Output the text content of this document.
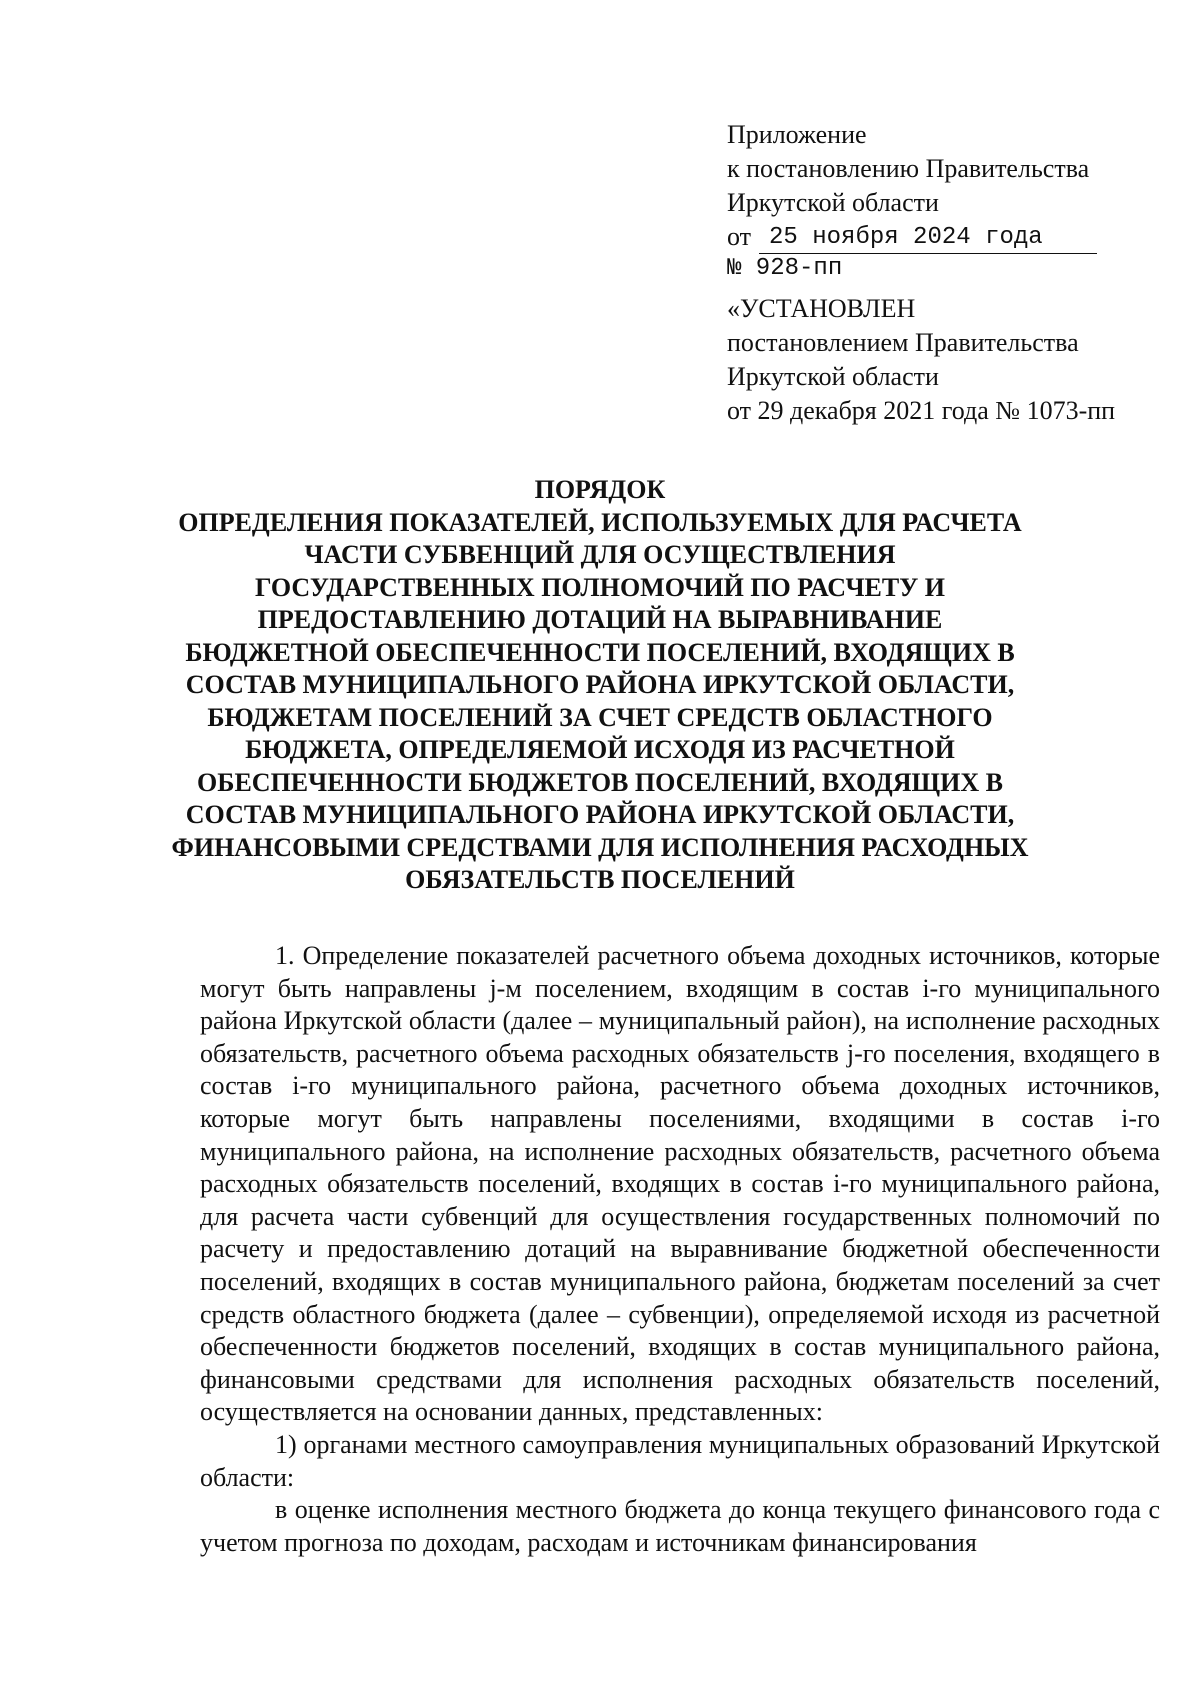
Приложение
к постановлению Правительства
Иркутской области
от 25 ноября 2024 года
№ 928-пп
«УСТАНОВЛЕН
постановлением Правительства
Иркутской области
от 29 декабря 2021 года № 1073-пп
ПОРЯДОК
ОПРЕДЕЛЕНИЯ ПОКАЗАТЕЛЕЙ, ИСПОЛЬЗУЕМЫХ ДЛЯ РАСЧЕТА
ЧАСТИ СУБВЕНЦИЙ ДЛЯ ОСУЩЕСТВЛЕНИЯ
ГОСУДАРСТВЕННЫХ ПОЛНОМОЧИЙ ПО РАСЧЕТУ И
ПРЕДОСТАВЛЕНИЮ ДОТАЦИЙ НА ВЫРАВНИВАНИЕ
БЮДЖЕТНОЙ ОБЕСПЕЧЕННОСТИ ПОСЕЛЕНИЙ, ВХОДЯЩИХ В
СОСТАВ МУНИЦИПАЛЬНОГО РАЙОНА ИРКУТСКОЙ ОБЛАСТИ,
БЮДЖЕТАМ ПОСЕЛЕНИЙ ЗА СЧЕТ СРЕДСТВ ОБЛАСТНОГО
БЮДЖЕТА, ОПРЕДЕЛЯЕМОЙ ИСХОДЯ ИЗ РАСЧЕТНОЙ
ОБЕСПЕЧЕННОСТИ БЮДЖЕТОВ ПОСЕЛЕНИЙ, ВХОДЯЩИХ В
СОСТАВ МУНИЦИПАЛЬНОГО РАЙОНА ИРКУТСКОЙ ОБЛАСТИ,
ФИНАНСОВЫМИ СРЕДСТВАМИ ДЛЯ ИСПОЛНЕНИЯ РАСХОДНЫХ
ОБЯЗАТЕЛЬСТВ ПОСЕЛЕНИЙ

1. Определение показателей расчетного объема доходных источников, которые могут быть направлены j-м поселением, входящим в состав i-го муниципального района Иркутской области (далее – муниципальный район), на исполнение расходных обязательств, расчетного объема расходных обязательств j-го поселения, входящего в состав i-го муниципального района, расчетного объема доходных источников, которые могут быть направлены поселениями, входящими в состав i-го муниципального района, на исполнение расходных обязательств, расчетного объема расходных обязательств поселений, входящих в состав i-го муниципального района, для расчета части субвенций для осуществления государственных полномочий по расчету и предоставлению дотаций на выравнивание бюджетной обеспеченности поселений, входящих в состав муниципального района, бюджетам поселений за счет средств областного бюджета (далее – субвенции), определяемой исходя из расчетной обеспеченности бюджетов поселений, входящих в состав муниципального района, финансовыми средствами для исполнения расходных обязательств поселений, осуществляется на основании данных, представленных:

1) органами местного самоуправления муниципальных образований Иркутской области:

в оценке исполнения местного бюджета до конца текущего финансового года с учетом прогноза по доходам, расходам и источникам финансирования
